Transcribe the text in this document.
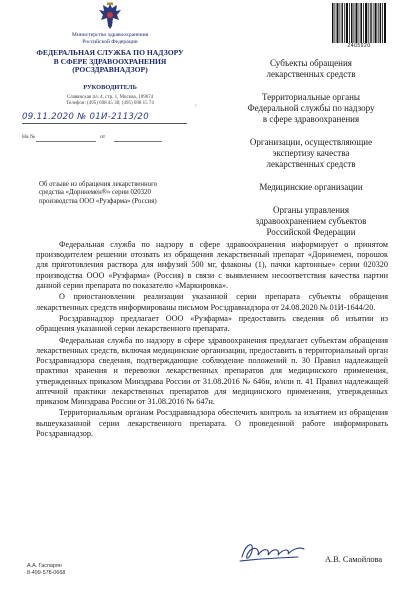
Министерство здравоохранения
Российской Федерации
ФЕДЕРАЛЬНАЯ СЛУЖБА ПО НАДЗОРУ
В СФЕРЕ ЗДРАВООХРАНЕНИЯ
(РОСЗДРАВНАДЗОР)
РУКОВОДИТЕЛЬ
Славянская пл. 4, стр. 1, Москва, 109074
Телефон: (495) 698 45 38; (495) 698 15 74
09.11.2020 № 01И-2113/20
На №	от
2405920
г
Субъекты обращения
лекарственных средств
Территориальные органы
Федеральной службы по надзору
в сфере здравоохранения
Организации, осуществляющие
экспертизу качества
лекарственных средств
Медицинские организации
Органы управления
здравоохранением субъектов
Российской Федерации
Об отзыве из обращения лекарственного
средства «Доринемен®» серии 020320
производства ООО «Рузфарма» (Россия)

Федеральная служба по надзору в сфере здравоохранения информирует о принятом производителем решении отозвать из обращения лекарственный препарат «Доринемен, порошок для приготовления раствора для инфузий 500 мг, флаконы (1), пачки картонные» серии 020320 производства ООО «Рузфарма» (Россия) в связи с выявлением несоответствия качества партии данной серии препарата по показателю «Маркировка».

О приостановлении реализации указанной серии препарата субъекты обращения лекарственных средств информированы письмом Росздравнадзора от 24.08.2020 № 01И-1644/20.

Росздравнадзор предлагает ООО «Рузфарма» предоставить сведения об изъятии из обращения указанной серии лекарственного препарата.

Федеральная служба по надзору в сфере здравоохранения предлагает субъектам обращения лекарственных средств, включая медицинские организации, предоставить в территориальный орган Росздравнадзора сведения, подтверждающие соблюдение положений п. 30 Правил надлежащей практики хранения и перевозки лекарственных препаратов для медицинского применения, утвержденных приказом Минздрава России от 31.08.2016 № 646н, и/или п. 41 Правил надлежащей аптечной практики лекарственных препаратов для медицинского применения, утвержденных приказом Минздрава России от 31.08.2016 № 647н.

Территориальным органам Росздравнадзора обеспечить контроль за изъятием из обращения вышеуказанной серии лекарственного препарата. О проведенной работе информировать Росздравнадзор.

А.В. Самойлова
А.А. Гаспарян
8-499-578-0668
